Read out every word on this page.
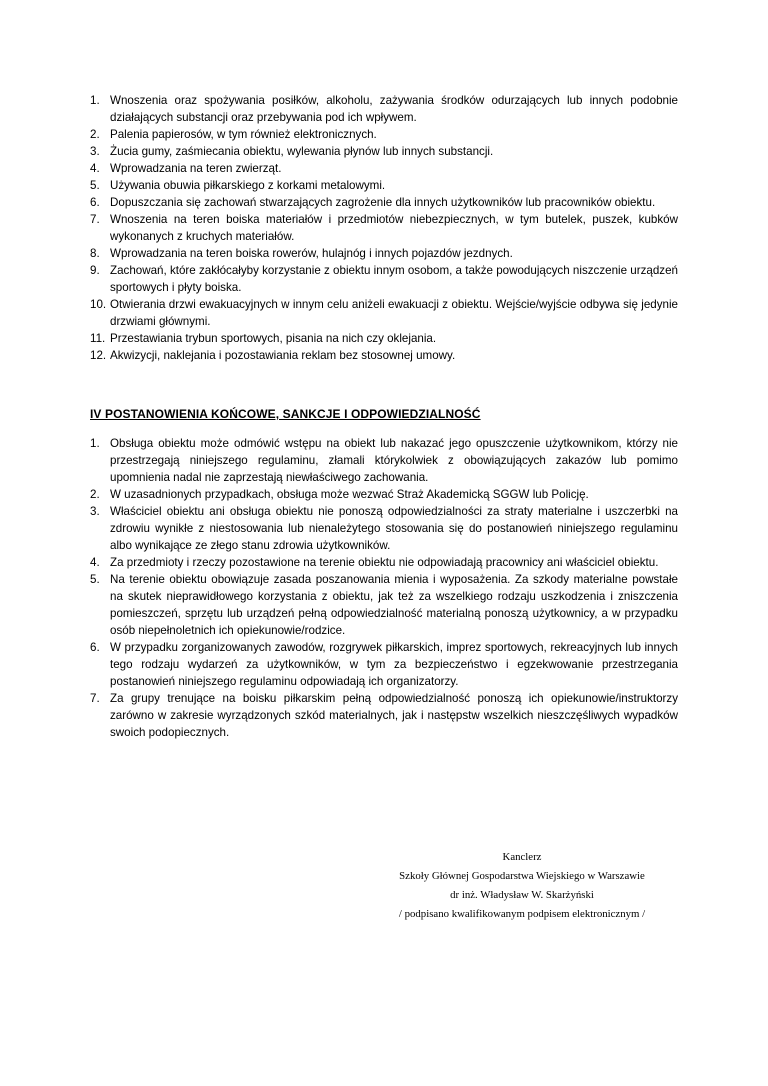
1. Wnoszenia oraz spożywania posiłków, alkoholu, zażywania środków odurzających lub innych podobnie działających substancji oraz przebywania pod ich wpływem.
2. Palenia papierosów, w tym również elektronicznych.
3. Żucia gumy, zaśmiecania obiektu, wylewania płynów lub innych substancji.
4. Wprowadzania na teren zwierząt.
5. Używania obuwia piłkarskiego z korkami metalowymi.
6. Dopuszczania się zachowań stwarzających zagrożenie dla innych użytkowników lub pracowników obiektu.
7. Wnoszenia na teren boiska materiałów i przedmiotów niebezpiecznych, w tym butelek, puszek, kubków wykonanych z kruchych materiałów.
8. Wprowadzania na teren boiska rowerów, hulajnóg i innych pojazdów jezdnych.
9. Zachowań, które zakłócałyby korzystanie z obiektu innym osobom, a także powodujących niszczenie urządzeń sportowych i płyty boiska.
10. Otwierania drzwi ewakuacyjnych w innym celu aniżeli ewakuacji z obiektu. Wejście/wyjście odbywa się jedynie drzwiami głównymi.
11. Przestawiania trybun sportowych, pisania na nich czy oklejania.
12. Akwizycji, naklejania i pozostawiania reklam bez stosownej umowy.
IV POSTANOWIENIA KOŃCOWE, SANKCJE I ODPOWIEDZIALNOŚĆ
1. Obsługa obiektu może odmówić wstępu na obiekt lub nakazać jego opuszczenie użytkownikom, którzy nie przestrzegają niniejszego regulaminu, złamali którykolwiek z obowiązujących zakazów lub pomimo upomnienia nadal nie zaprzestają niewłaściwego zachowania.
2. W uzasadnionych przypadkach, obsługa może wezwać Straż Akademicką SGGW lub Policję.
3. Właściciel obiektu ani obsługa obiektu nie ponoszą odpowiedzialności za straty materialne i uszczerbki na zdrowiu wynikłe z niestosowania lub nienależytego stosowania się do postanowień niniejszego regulaminu albo wynikające ze złego stanu zdrowia użytkowników.
4. Za przedmioty i rzeczy pozostawione na terenie obiektu nie odpowiadają pracownicy ani właściciel obiektu.
5. Na terenie obiektu obowiązuje zasada poszanowania mienia i wyposażenia. Za szkody materialne powstałe na skutek nieprawidłowego korzystania z obiektu, jak też za wszelkiego rodzaju uszkodzenia i zniszczenia pomieszczeń, sprzętu lub urządzeń pełną odpowiedzialność materialną ponoszą użytkownicy, a w przypadku osób niepełnoletnich ich opiekunowie/rodzice.
6. W przypadku zorganizowanych zawodów, rozgrywek piłkarskich, imprez sportowych, rekreacyjnych lub innych tego rodzaju wydarzeń za użytkowników, w tym za bezpieczeństwo i egzekwowanie przestrzegania postanowień niniejszego regulaminu odpowiadają ich organizatorzy.
7. Za grupy trenujące na boisku piłkarskim pełną odpowiedzialność ponoszą ich opiekunowie/instruktorzy zarówno w zakresie wyrządzonych szkód materialnych, jak i następstw wszelkich nieszczęśliwych wypadków swoich podopiecznych.
Kanclerz
Szkoły Głównej Gospodarstwa Wiejskiego w Warszawie
dr inż. Władysław W. Skarżyński
/ podpisano kwalifikowanym podpisem elektronicznym /
